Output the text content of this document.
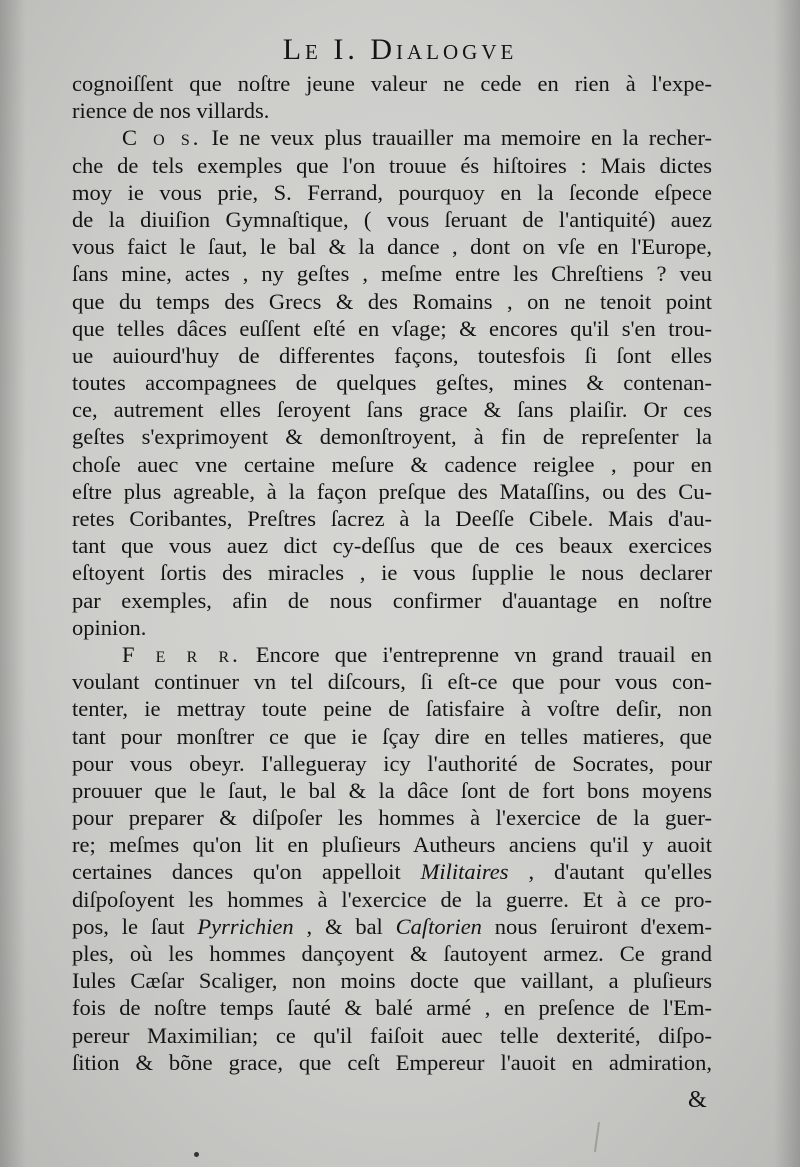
Le I. Dialogve
cognoiſſent que noſtre jeune valeur ne cede en rien à l'expe-
rience de nos villards.
C o s. Ie ne veux plus trauailler ma memoire en la recher-
che de tels exemples que l'on trouue és hiſtoires : Mais dictes
moy ie vous prie, S. Ferrand, pourquoy en la ſeconde eſpece
de la diuiſion Gymnaſtique, ( vous ſeruant de l'antiquité) auez
vous faict le ſaut, le bal & la dance , dont on vſe en l'Europe,
ſans mine, actes , ny geſtes , meſme entre les Chreſtiens ? veu
que du temps des Grecs & des Romains , on ne tenoit point
que telles dâces euſſent eſté en vſage; & encores qu'il s'en trou-
ue auiourd'huy de differentes façons, toutesfois ſi ſont elles
toutes accompagnees de quelques geſtes, mines & contenan-
ce, autrement elles ſeroyent ſans grace & ſans plaiſir. Or ces
geſtes s'exprimoyent & demonſtroyent, à fin de repreſenter la
choſe auec vne certaine meſure & cadence reiglee , pour en
eſtre plus agreable, à la façon preſque des Mataſſins, ou des Cu-
retes Coribantes, Preſtres ſacrez à la Deeſſe Cibele. Mais d'au-
tant que vous auez dict cy-deſſus que de ces beaux exercices
eſtoyent ſortis des miracles , ie vous ſupplie le nous declarer
par exemples, afin de nous confirmer d'auantage en noſtre
opinion.
F e r r. Encore que i'entreprenne vn grand trauail en
voulant continuer vn tel diſcours, ſi eſt-ce que pour vous con-
tenter, ie mettray toute peine de ſatisfaire à voſtre deſir, non
tant pour monſtrer ce que ie ſçay dire en telles matieres, que
pour vous obeyr. I'allegueray icy l'authorité de Socrates, pour
prouuer que le ſaut, le bal & la dâce ſont de fort bons moyens
pour preparer & diſpoſer les hommes à l'exercice de la guer-
re; meſmes qu'on lit en pluſieurs Autheurs anciens qu'il y auoit
certaines dances qu'on appelloit Militaires , d'autant qu'elles
diſpoſoyent les hommes à l'exercice de la guerre. Et à ce pro-
pos, le ſaut Pyrrichien , & bal Caſtorien nous ſeruiront d'exem-
ples, où les hommes dançoyent & ſautoyent armez. Ce grand
Iules Cæſar Scaliger, non moins docte que vaillant, a pluſieurs
fois de noſtre temps ſauté & balé armé , en preſence de l'Em-
pereur Maximilian; ce qu'il faiſoit auec telle dexterité, diſpo-
ſition & bõne grace, que ceſt Empereur l'auoit en admiration,
&
